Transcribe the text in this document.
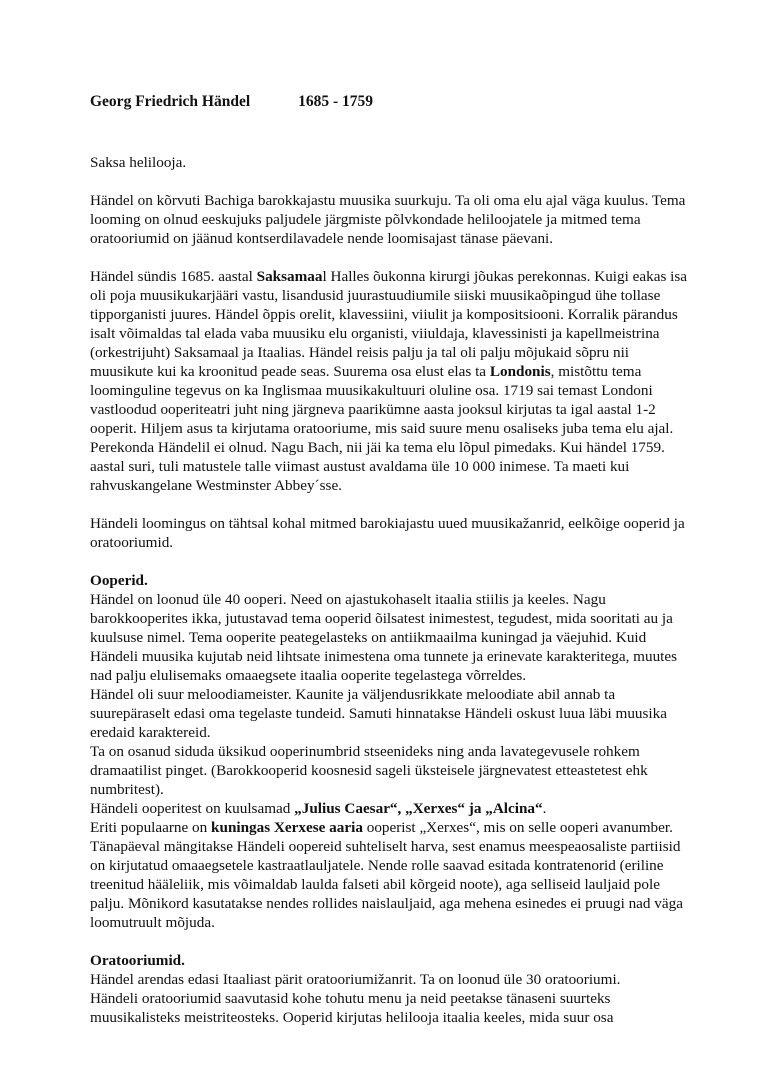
Georg Friedrich Händel	1685 - 1759

Saksa helilooja.

Händel on kõrvuti Bachiga barokkajastu muusika suurkuju. Ta oli oma elu ajal väga kuulus. Tema looming on olnud eeskujuks paljudele järgmiste põlvkondade heliloojatele ja mitmed tema oratooriumid on jäänud kontserdilavadele nende loomisajast tänase päevani.

Händel sündis 1685. aastal Saksamaal Halles õukonna kirurgi jõukas perekonnas. Kuigi eakas isa oli poja muusikukarjääri vastu, lisandusid juurastuudiumile siiski muusikaõpingud ühe tollase tipporganisti juures. Händel õppis orelit, klavessiini, viiulit ja kompositsiooni. Korralik pärandus isalt võimaldas tal elada vaba muusiku elu organisti, viiuldaja, klavessinisti ja kapellmeistrina (orkestrijuht) Saksamaal ja Itaalias. Händel reisis palju ja tal oli palju mõjukaid sõpru nii muusikute kui ka kroonitud peade seas. Suurema osa elust elas ta Londonis, mistõttu tema loominguline tegevus on ka Inglismaa muusikakultuuri oluline osa. 1719 sai temast Londoni vastloodud ooperiteatri juht ning järgneva paarikümne aasta jooksul kirjutas ta igal aastal 1-2 ooperit. Hiljem asus ta kirjutama oratooriume, mis said suure menu osaliseks juba tema elu ajal. Perekonda Händelil ei olnud. Nagu Bach, nii jäi ka tema elu lõpul pimedaks. Kui händel 1759. aastal suri, tuli matustele talle viimast austust avaldama üle 10 000 inimese. Ta maeti kui rahvuskangelane Westminster Abbey´sse.

Händeli loomingus on tähtsal kohal mitmed barokiajastu uued muusikažanrid, eelkõige ooperid ja oratooriumid.

Ooperid.
Händel on loonud üle 40 ooperi. Need on ajastukohaselt itaalia stiilis ja keeles. Nagu barokkooperites ikka, jutustavad tema ooperid õilsatest inimestest, tegudest, mida sooritati au ja kuulsuse nimel. Tema ooperite peategelasteks on antiikmaailma kuningad ja väejuhid. Kuid Händeli muusika kujutab neid lihtsate inimestena oma tunnete ja erinevate karakteritega, muutes nad palju elulisemaks omaaegsete itaalia ooperite tegelastega võrreldes.
Händel oli suur meloodiameister. Kaunite ja väljendusrikkate meloodiate abil annab ta suurepäraselt edasi oma tegelaste tundeid. Samuti hinnatakse Händeli oskust luua läbi muusika eredaid karaktereid.
Ta on osanud siduda üksikud ooperinumbrid stseenideks ning anda lavategevusele rohkem dramaatilist pinget. (Barokkooperid koosnesid sageli üksteisele järgnevatest etteastetest ehk numbritest).
Händeli ooperitest on kuulsamad „Julius Caesar“, „Xerxes“ ja „Alcina“.
Eriti populaarne on kuningas Xerxese aaria ooperist „Xerxes“, mis on selle ooperi avanumber.
Tänapäeval mängitakse Händeli oopereid suhteliselt harva, sest enamus meespeaosaliste partiisid on kirjutatud omaaegsetele kastraatlauljatele. Nende rolle saavad esitada kontratenorid (eriline treenitud hääleliik, mis võimaldab laulda falseti abil kõrgeid noote), aga selliseid lauljaid pole palju. Mõnikord kasutatakse nendes rollides naislauljaid, aga mehena esinedes ei pruugi nad väga loomutruult mõjuda.
Oratooriumid.
Händel arendas edasi Itaaliast pärit oratooriumižanrit. Ta on loonud üle 30 oratooriumi.
Händeli oratooriumid saavutasid kohe tohutu menu ja neid peetakse tänaseni suurteks muusikalisteks meistriteosteks. Ooperid kirjutas helilooja itaalia keeles, mida suur osa
